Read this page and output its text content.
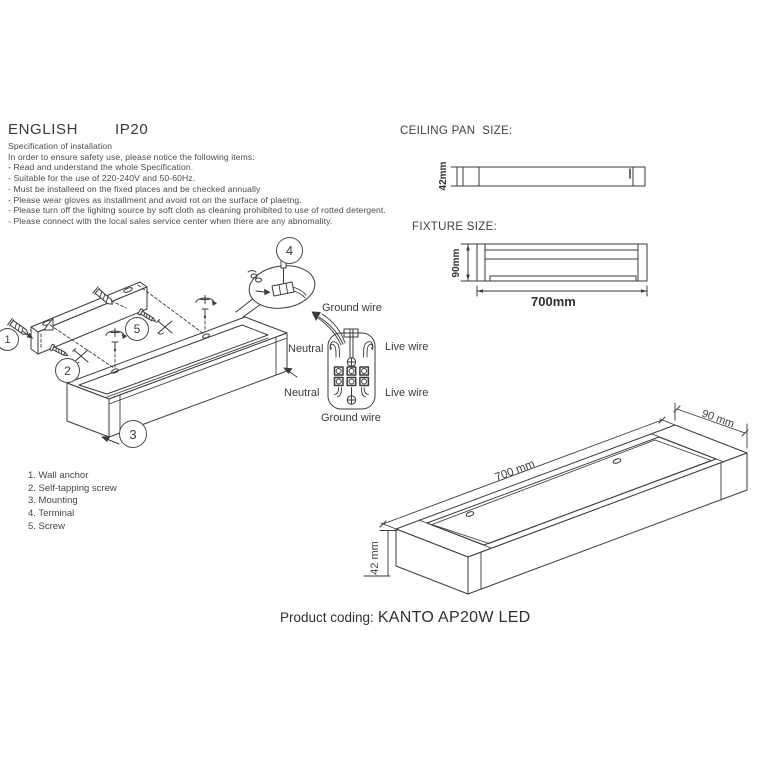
ENGLISH IP20
Specification of installation
In order to ensure safety use, please notice the following items:
- Read and understand the whole Specification.
- Suitable for the use of 220-240V and 50-60Hz.
- Must be installeed on the fixed places and be checked annually
- Please wear gloves as installment and avoid rot on the surface of plaetng.
- Please turn off the lighitng source by soft cloth as cleaning prohibited to use of rotted detergent.
- Please connect with the local sales service center when there are any abnomality.
CEILING PAN  SIZE:
42mm
FIXTURE SIZE:
90mm
700mm
1
2
5
3
4
Ground wire
Neutral	Live wire
Neutral	Live wire
Ground wire
1. Wall anchor
2. Self-tapping screw
3. Mounting
4. Terminal
5. Screw
700 mm
90 mm
42 mm
Product coding: KANTO AP20W LED
